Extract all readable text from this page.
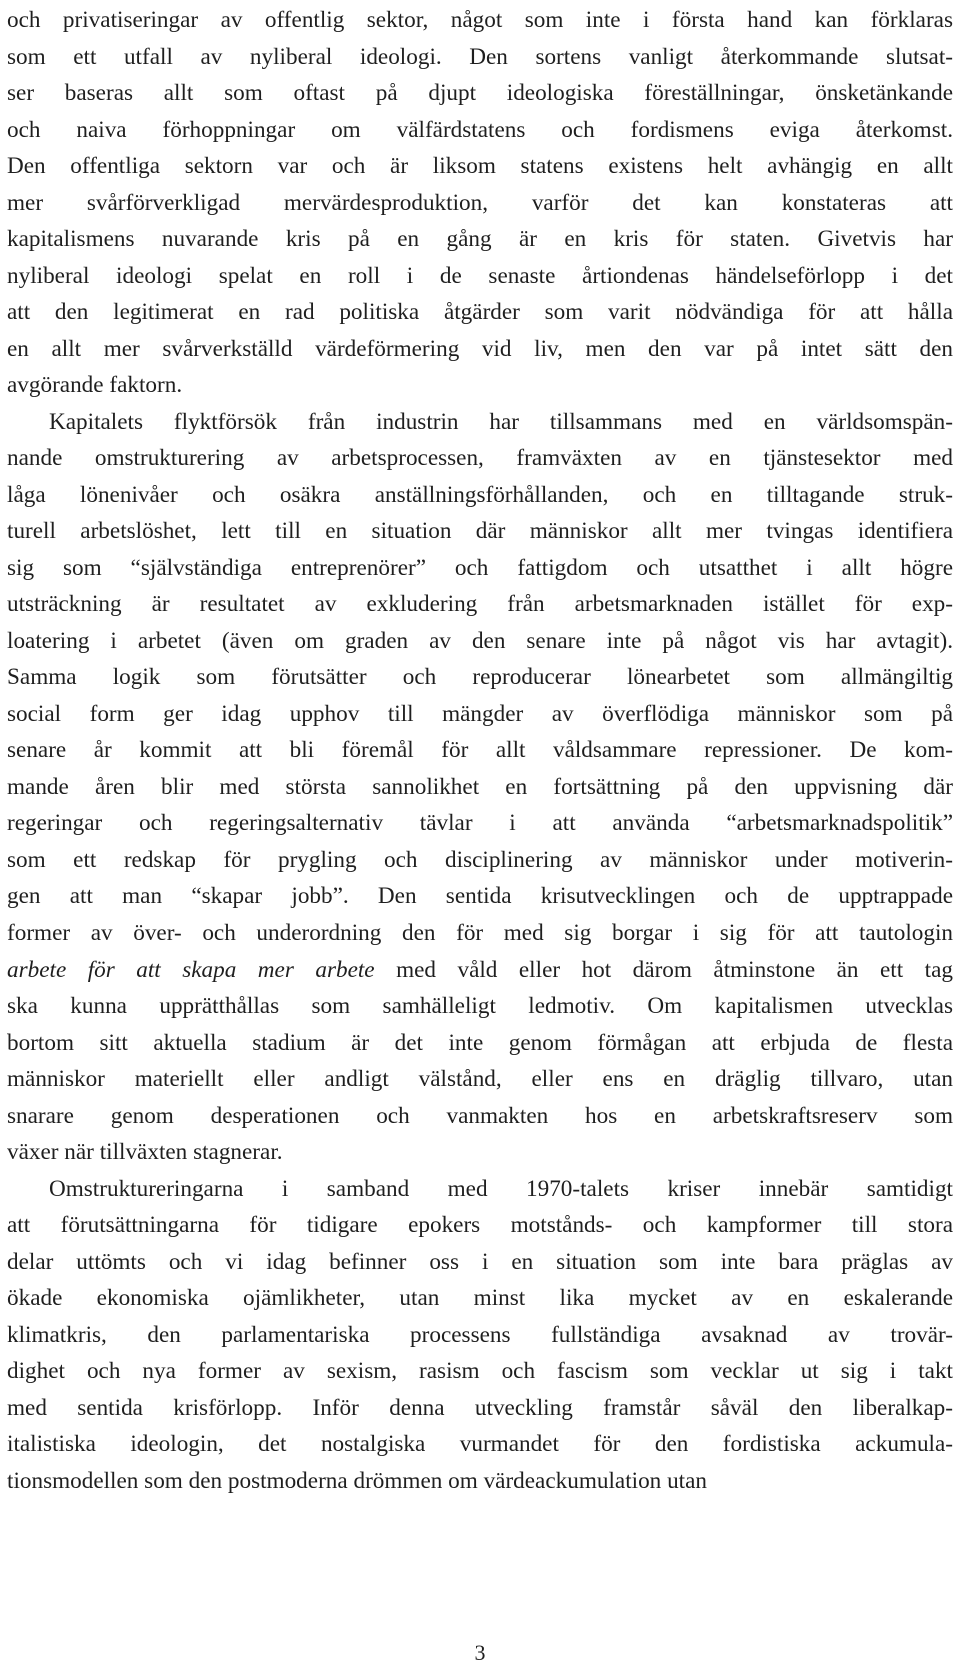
och privatiseringar av offentlig sektor, något som inte i första hand kan förklaras
som ett utfall av nyliberal ideologi. Den sortens vanligt återkommande slutsat-
ser baseras allt som oftast på djupt ideologiska föreställningar, önsketänkande
och naiva förhoppningar om välfärdstatens och fordismens eviga återkomst.
Den offentliga sektorn var och är liksom statens existens helt avhängig en allt
mer svårförverkligad mervärdesproduktion, varför det kan konstateras att
kapitalismens nuvarande kris på en gång är en kris för staten. Givetvis har
nyliberal ideologi spelat en roll i de senaste årtiondenas händelseförlopp i det
att den legitimerat en rad politiska åtgärder som varit nödvändiga för att hålla
en allt mer svårverkställd värdeförmering vid liv, men den var på intet sätt den
avgörande faktorn.
Kapitalets flyktförsök från industrin har tillsammans med en världsomspän-
nande omstrukturering av arbetsprocessen, framväxten av en tjänstesektor med
låga lönenivåer och osäkra anställningsförhållanden, och en tilltagande struk-
turell arbetslöshet, lett till en situation där människor allt mer tvingas identifiera
sig som “självständiga entreprenörer” och fattigdom och utsatthet i allt högre
utsträckning är resultatet av exkludering från arbetsmarknaden istället för exp-
loatering i arbetet (även om graden av den senare inte på något vis har avtagit).
Samma logik som förutsätter och reproducerar lönearbetet som allmängiltig
social form ger idag upphov till mängder av överflödiga människor som på
senare år kommit att bli föremål för allt våldsammare repressioner. De kom-
mande åren blir med största sannolikhet en fortsättning på den uppvisning där
regeringar och regeringsalternativ tävlar i att använda “arbetsmarknadspolitik”
som ett redskap för prygling och disciplinering av människor under motiverin-
gen att man “skapar jobb”. Den sentida krisutvecklingen och de upptrappade
former av över- och underordning den för med sig borgar i sig för att tautologin
arbete för att skapa mer arbete med våld eller hot därom åtminstone än ett tag
ska kunna upprätthållas som samhälleligt ledmotiv. Om kapitalismen utvecklas
bortom sitt aktuella stadium är det inte genom förmågan att erbjuda de flesta
människor materiellt eller andligt välstånd, eller ens en dräglig tillvaro, utan
snarare genom desperationen och vanmakten hos en arbetskraftsreserv som
växer när tillväxten stagnerar.
Omstruktureringarna i samband med 1970-talets kriser innebär samtidigt
att förutsättningarna för tidigare epokers motstånds- och kampformer till stora
delar uttömts och vi idag befinner oss i en situation som inte bara präglas av
ökade ekonomiska ojämlikheter, utan minst lika mycket av en eskalerande
klimatkris, den parlamentariska processens fullständiga avsaknad av trovär-
dighet och nya former av sexism, rasism och fascism som vecklar ut sig i takt
med sentida krisförlopp. Inför denna utveckling framstår såväl den liberalkap-
italistiska ideologin, det nostalgiska vurmandet för den fordistiska ackumula-
tionsmodellen som den postmoderna drömmen om värdeackumulation utan
3
